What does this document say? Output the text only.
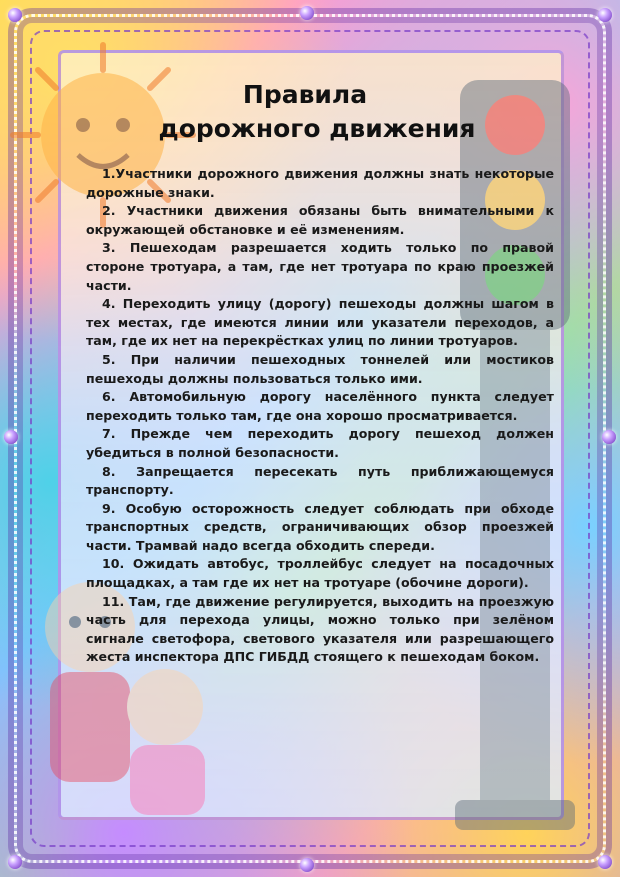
Правила
дорожного движения

1.Участники дорожного движения должны знать некоторые дорожные знаки.

2. Участники движения обязаны быть внимательными к окружающей обстановке и её изменениям.

3. Пешеходам разрешается ходить только по правой стороне тротуара, а там, где нет тротуара по краю проезжей части.

4. Переходить улицу (дорогу) пешеходы должны шагом в тех местах, где имеются линии или указатели переходов, а там, где их нет на перекрёстках улиц по линии тротуаров.

5. При наличии пешеходных тоннелей или мостиков пешеходы должны пользоваться только ими.

6. Автомобильную дорогу населённого пункта следует переходить только там, где она хорошо просматривается.

7. Прежде чем переходить дорогу пешеход должен убедиться в полной безопасности.

8. Запрещается пересекать путь приближающемуся транспорту.

9. Особую осторожность следует соблюдать при обходе транспортных средств, ограничивающих обзор проезжей части. Трамвай надо всегда обходить спереди.

10. Ожидать автобус, троллейбус следует на посадочных площадках, а там где их нет на тротуаре (обочине дороги).

11. Там, где движение регулируется, выходить на проезжую часть для перехода улицы, можно только при зелёном сигнале светофора, светового указателя или разрешающего жеста инспектора ДПС ГИБДД стоящего к пешеходам боком.
